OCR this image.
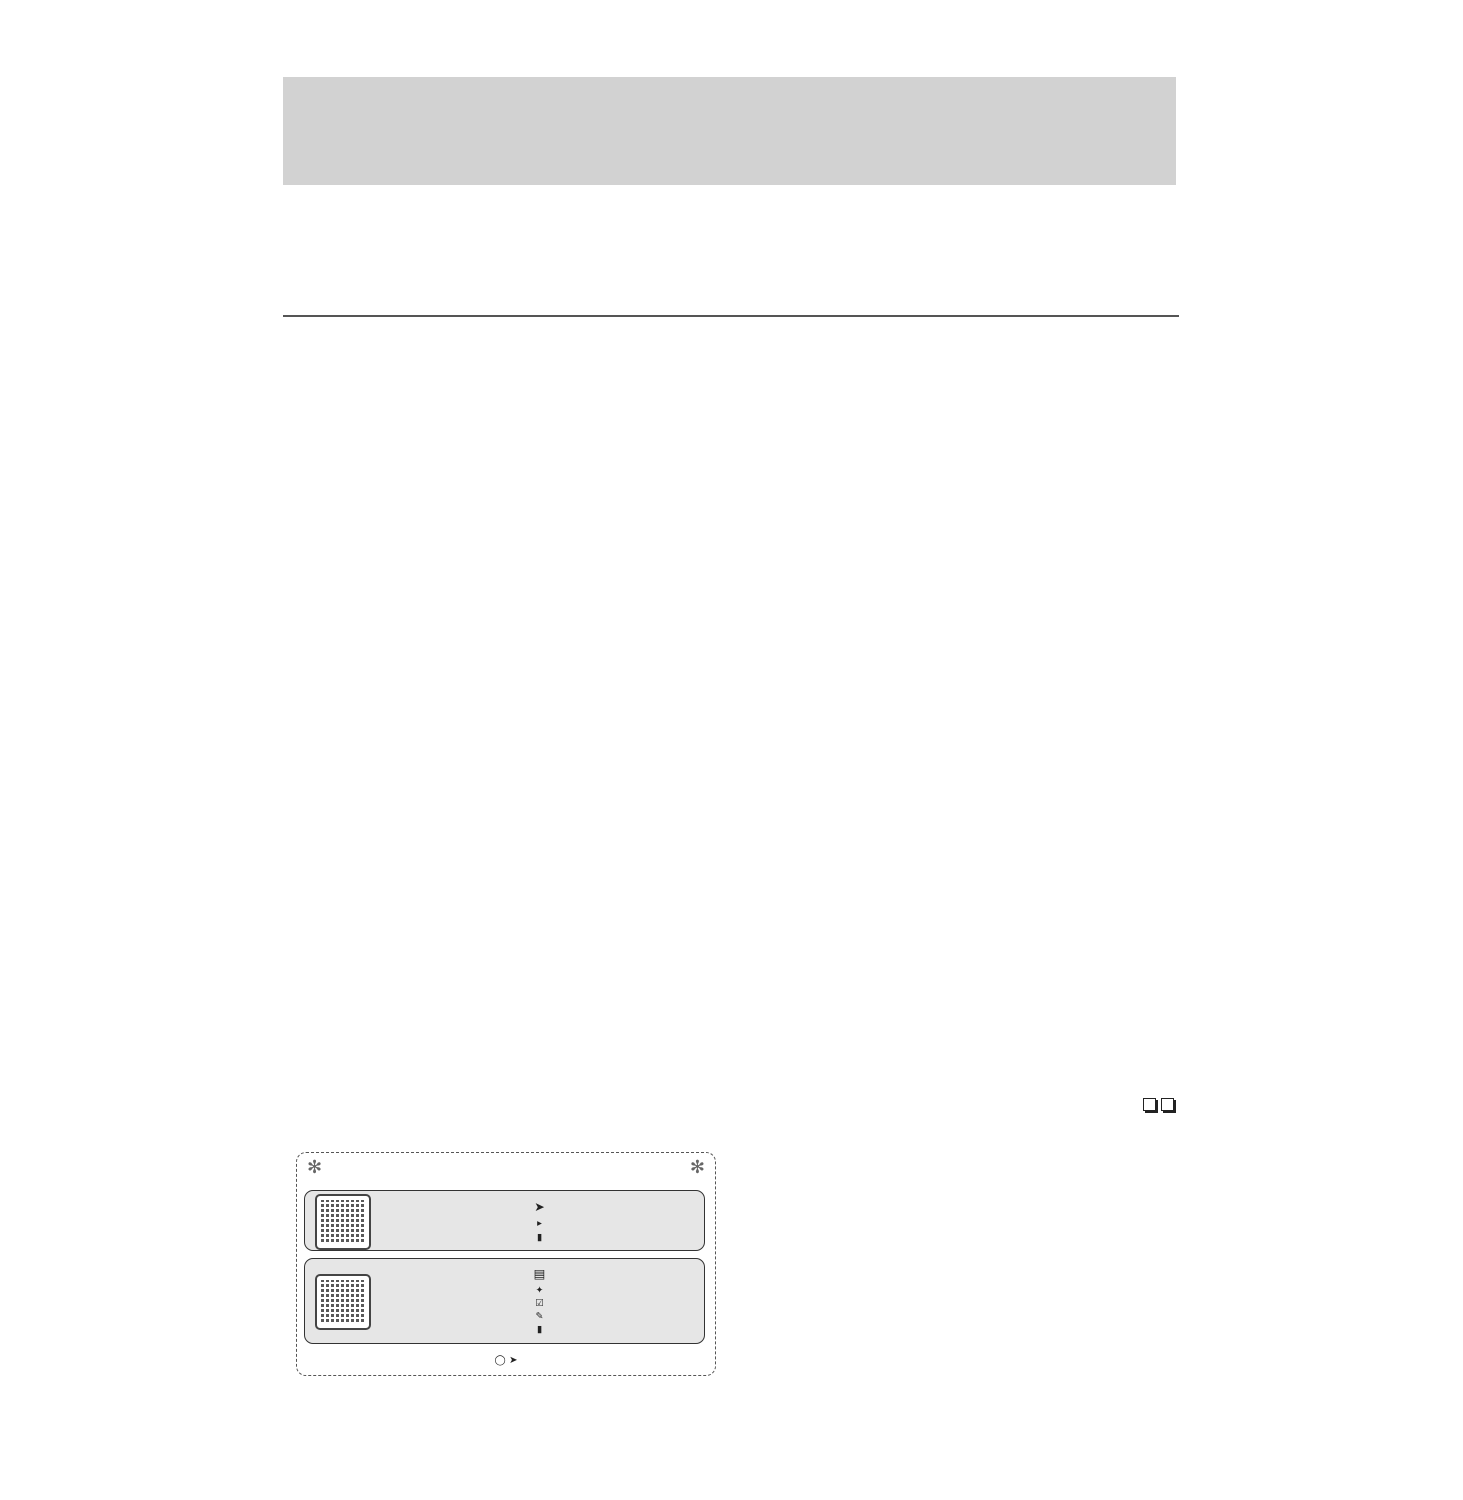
✻	✻
➤
▸
▮
▤
✦
☑
✎
▮
◯ ➤
